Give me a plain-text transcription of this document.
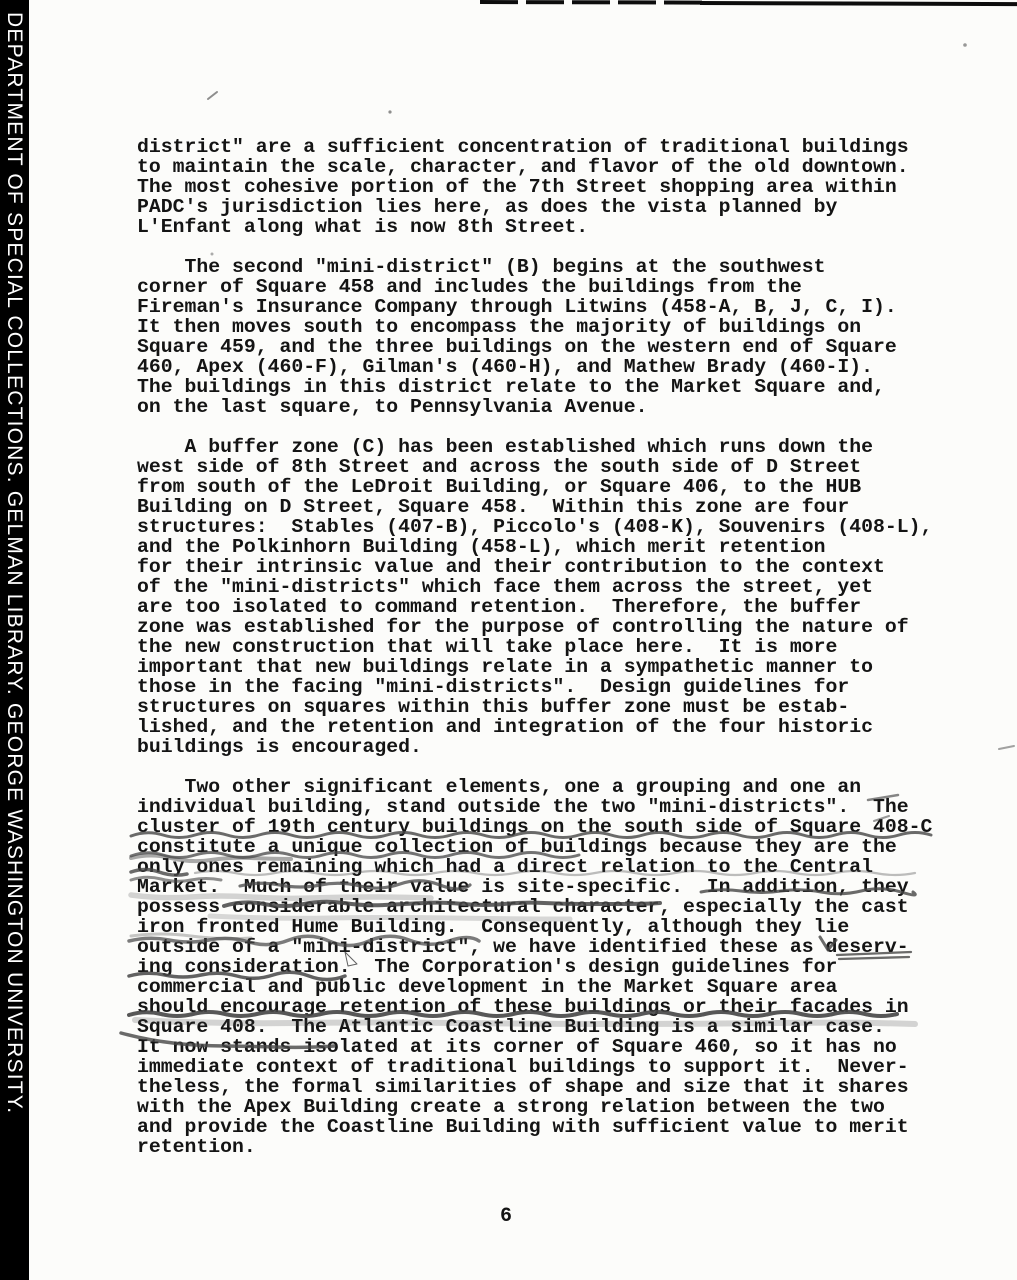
DEPARTMENT OF SPECIAL COLLECTIONS. GELMAN LIBRARY. GEORGE WASHINGTON UNIVERSITY.	district" are a sufficient concentration of traditional buildings
to maintain the scale, character, and flavor of the old downtown.
The most cohesive portion of the 7th Street shopping area within
PADC's jurisdiction lies here, as does the vista planned by
L'Enfant along what is now 8th Street.
The second "mini-district" (B) begins at the southwest
corner of Square 458 and includes the buildings from the
Fireman's Insurance Company through Litwins (458-A, B, J, C, I).
It then moves south to encompass the majority of buildings on
Square 459, and the three buildings on the western end of Square
460, Apex (460-F), Gilman's (460-H), and Mathew Brady (460-I).
The buildings in this district relate to the Market Square and,
on the last square, to Pennsylvania Avenue.
A buffer zone (C) has been established which runs down the
west side of 8th Street and across the south side of D Street
from south of the LeDroit Building, or Square 406, to the HUB
Building on D Street, Square 458.  Within this zone are four
structures:  Stables (407-B), Piccolo's (408-K), Souvenirs (408-L),
and the Polkinhorn Building (458-L), which merit retention
for their intrinsic value and their contribution to the context
of the "mini-districts" which face them across the street, yet
are too isolated to command retention.  Therefore, the buffer
zone was established for the purpose of controlling the nature of
the new construction that will take place here.  It is more
important that new buildings relate in a sympathetic manner to
those in the facing "mini-districts".  Design guidelines for
structures on squares within this buffer zone must be estab-
lished, and the retention and integration of the four historic
buildings is encouraged.
Two other significant elements, one a grouping and one an
individual building, stand outside the two "mini-districts".  The
cluster of 19th century buildings on the south side of Square 408-C
constitute a unique collection of buildings because they are the
only ones remaining which had a direct relation to the Central
Market.  Much of their value is site-specific.  In addition, they
possess considerable architectural character, especially the cast
iron fronted Hume Building.  Consequently, although they lie
outside of a "mini-district", we have identified these as deserv-
ing consideration.  The Corporation's design guidelines for
commercial and public development in the Market Square area
should encourage retention of these buildings or their facades in
Square 408.  The Atlantic Coastline Building is a similar case.
It now stands isolated at its corner of Square 460, so it has no
immediate context of traditional buildings to support it.  Never-
theless, the formal similarities of shape and size that it shares
with the Apex Building create a strong relation between the two
and provide the Coastline Building with sufficient value to merit
retention.
6
